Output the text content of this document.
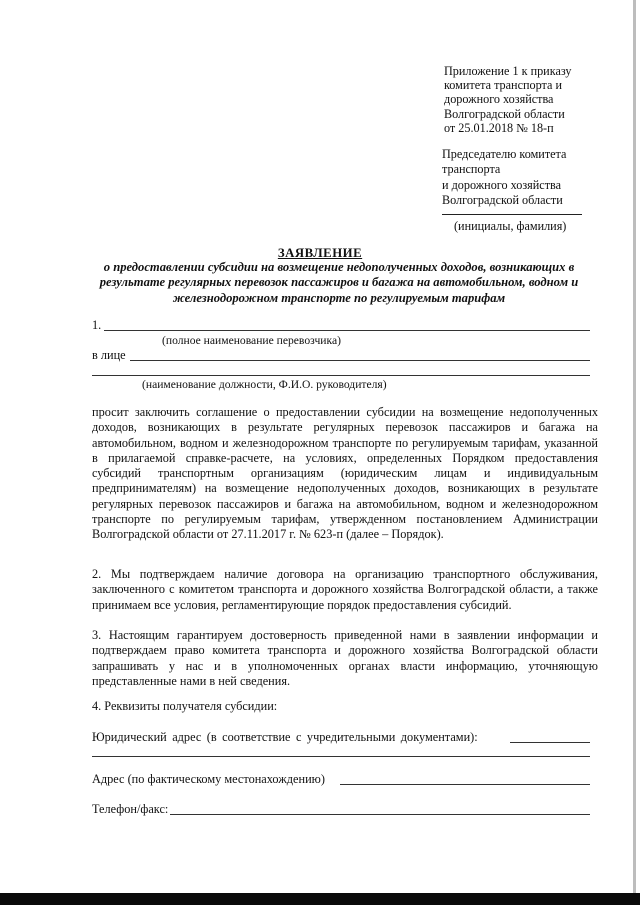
Приложение 1 к приказу
комитета транспорта и
дорожного хозяйства
Волгоградской области
от 25.01.2018 № 18-п
Председателю комитета
транспорта
и дорожного хозяйства
Волгоградской области
(инициалы, фамилия)
ЗАЯВЛЕНИЕ
о предоставлении субсидии на возмещение недополученных доходов, возникающих в
результате регулярных перевозок пассажиров и багажа на автомобильном, водном и
железнодорожном транспорте по регулируемым тарифам
1.
(полное наименование перевозчика)
в лице
(наименование должности, Ф.И.О. руководителя)
просит заключить соглашение о предоставлении субсидии на возмещение недополученных доходов, возникающих в результате регулярных перевозок пассажиров и багажа на автомобильном, водном и железнодорожном транспорте по регулируемым тарифам, указанной в прилагаемой справке-расчете, на условиях, определенных Порядком предоставления субсидий транспортным организациям (юридическим лицам и индивидуальным предпринимателям) на возмещение недополученных доходов, возникающих в результате регулярных перевозок пассажиров и багажа на автомобильном, водном и железнодорожном транспорте по регулируемым тарифам, утвержденном постановлением Администрации Волгоградской области от 27.11.2017 г. № 623-п (далее – Порядок).
2. Мы подтверждаем наличие договора на организацию транспортного обслуживания, заключенного с комитетом транспорта и дорожного хозяйства Волгоградской области, а также принимаем все условия, регламентирующие порядок предоставления субсидий.
3. Настоящим гарантируем достоверность приведенной нами в заявлении информации и подтверждаем право комитета транспорта и дорожного хозяйства Волгоградской области запрашивать у нас и в уполномоченных органах власти информацию, уточняющую представленные нами в ней сведения.
4. Реквизиты получателя субсидии:
Юридический адрес (в соответствие с учредительными документами):
Адрес (по фактическому местонахождению)
Телефон/факс:
